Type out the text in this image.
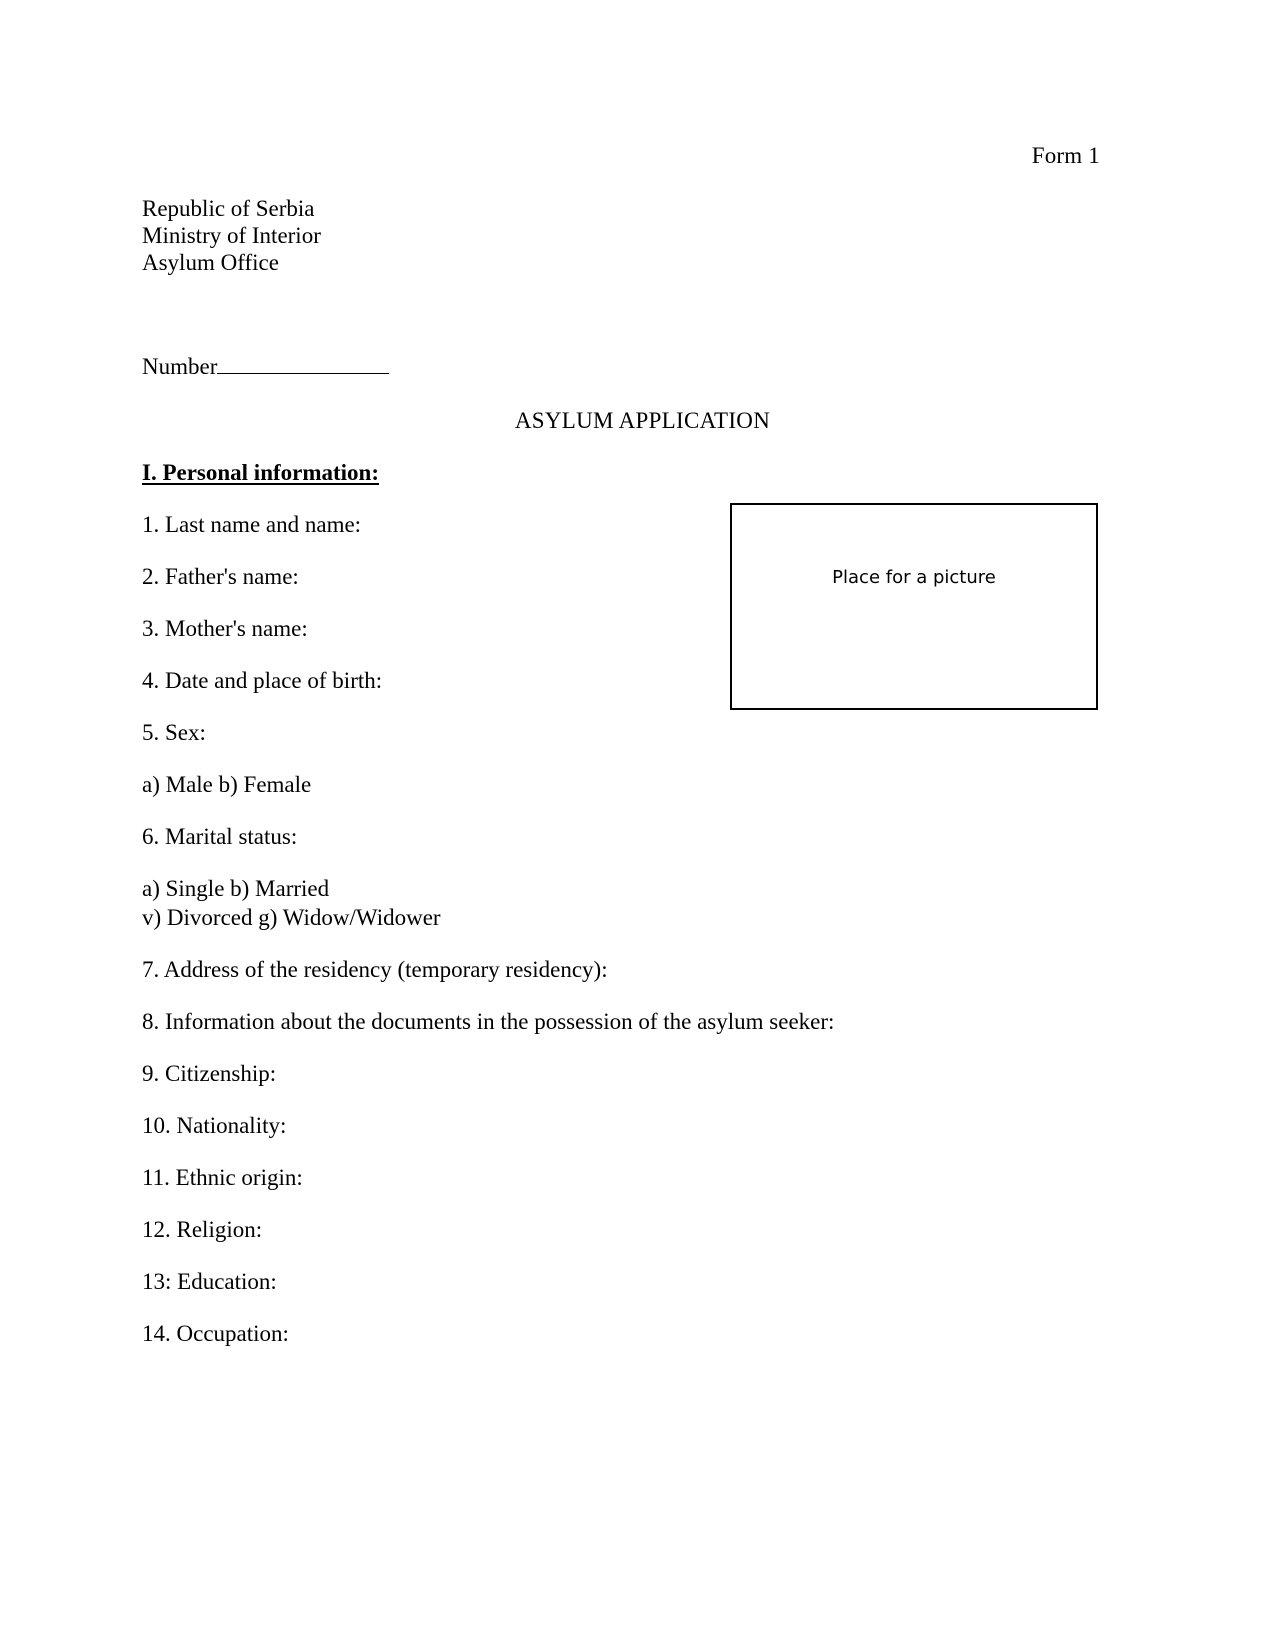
Form 1
Republic of Serbia
Ministry of Interior
Asylum Office
Number
ASYLUM APPLICATION
I. Personal information:
1. Last name and name:
2. Father's name:
3. Mother's name:
4. Date and place of birth:
5. Sex:
a) Male b) Female
6. Marital status:
a) Single b) Married
v) Divorced g) Widow/Widower
7. Address of the residency (temporary residency):
8. Information about the documents in the possession of the asylum seeker:
9. Citizenship:
10. Nationality:
11. Ethnic origin:
12. Religion:
13: Education:
14. Occupation:
Place for a picture
